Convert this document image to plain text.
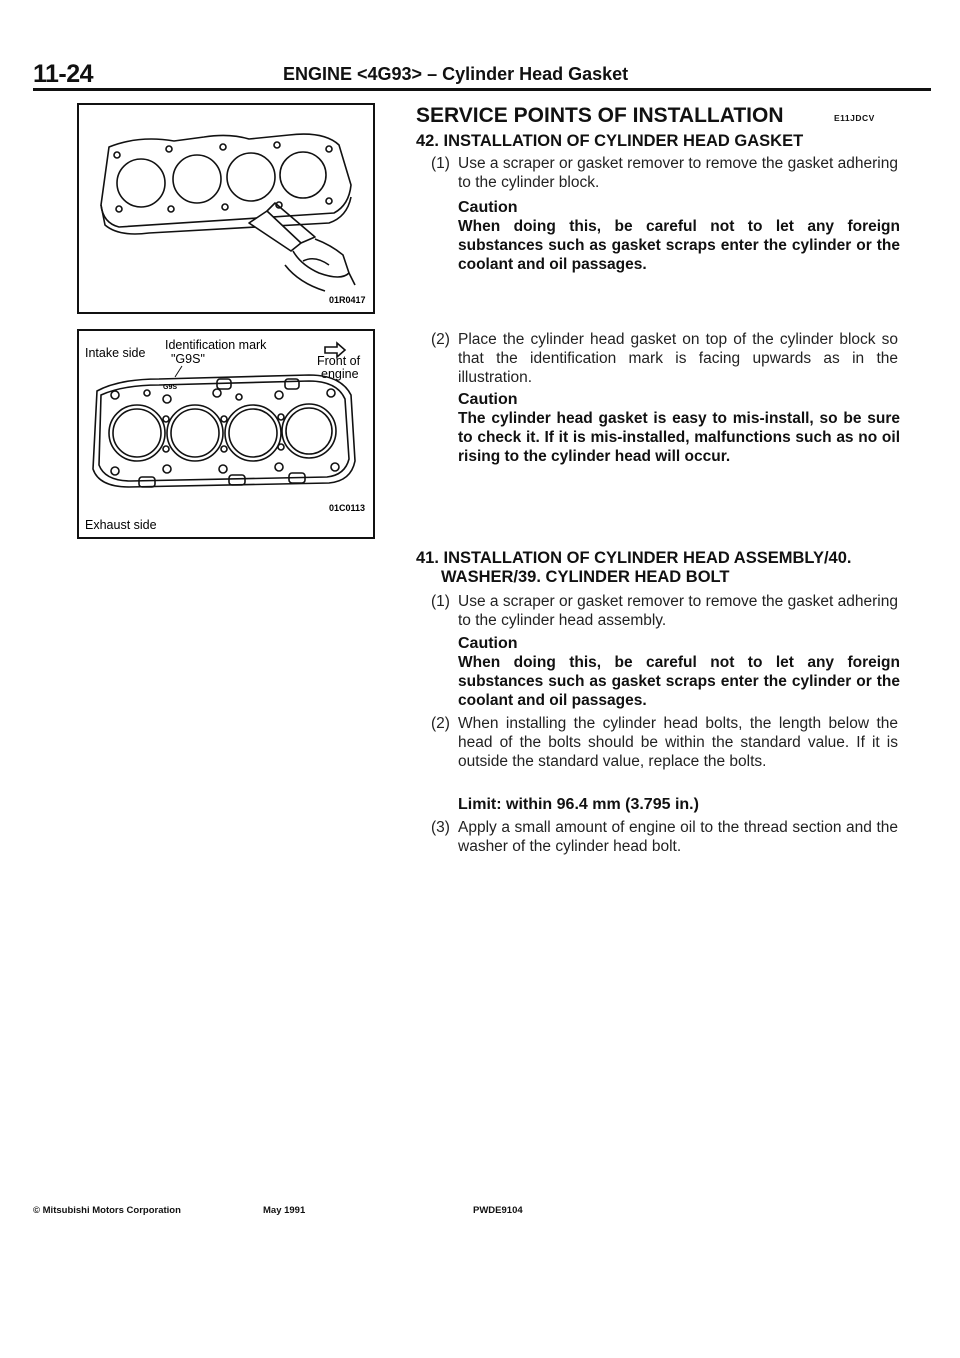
11-24	ENGINE <4G93> – Cylinder Head Gasket
01R0417
Intake side
Identification mark
"G9S"	Front of
engine
G9S
Exhaust side
01C0113
SERVICE POINTS OF INSTALLATION	E11JDCV
42. INSTALLATION OF CYLINDER HEAD GASKET
(1) Use a scraper or gasket remover to remove the gasket adhering to the cylinder block.
Caution
When doing this, be careful not to let any foreign substances such as gasket scraps enter the cylinder or the coolant and oil passages.
(2) Place the cylinder head gasket on top of the cylinder block so that the identification mark is facing upwards as in the illustration.
Caution
The cylinder head gasket is easy to mis-install, so be sure to check it. If it is mis-installed, malfunctions such as no oil rising to the cylinder head will occur.
41. INSTALLATION OF CYLINDER HEAD ASSEMBLY/40.
WASHER/39. CYLINDER HEAD BOLT
(1) Use a scraper or gasket remover to remove the gasket adhering to the cylinder head assembly.
Caution
When doing this, be careful not to let any foreign substances such as gasket scraps enter the cylinder or the coolant and oil passages.
(2) When installing the cylinder head bolts, the length below the head of the bolts should be within the standard value. If it is outside the standard value, replace the bolts.
Limit: within 96.4 mm (3.795 in.)
(3) Apply a small amount of engine oil to the thread section and the washer of the cylinder head bolt.
© Mitsubishi Motors Corporation	May 1991	PWDE9104
